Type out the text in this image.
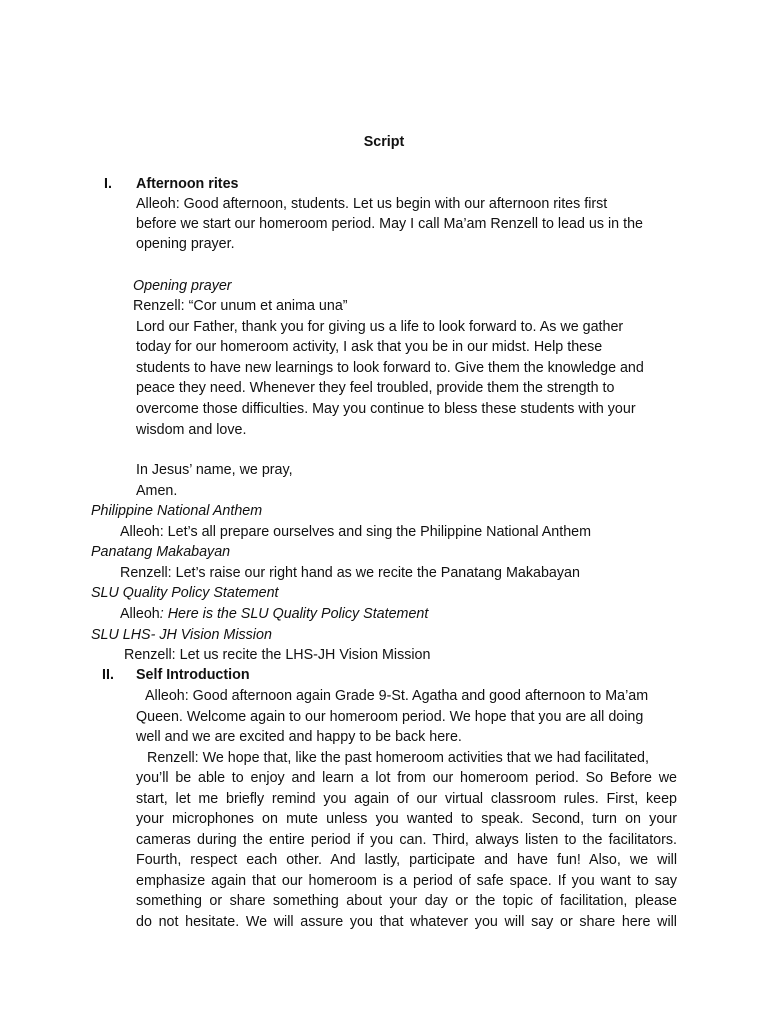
Script
I. Afternoon rites
Alleoh: Good afternoon, students. Let us begin with our afternoon rites first
before we start our homeroom period. May I call Ma’am Renzell to lead us in the
opening prayer.
Opening prayer
Renzell: “Cor unum et anima una”
Lord our Father, thank you for giving us a life to look forward to. As we gather
today for our homeroom activity, I ask that you be in our midst. Help these
students to have new learnings to look forward to. Give them the knowledge and
peace they need. Whenever they feel troubled, provide them the strength to
overcome those difficulties. May you continue to bless these students with your
wisdom and love.
In Jesus’ name, we pray,
Amen.
Philippine National Anthem
Alleoh: Let’s all prepare ourselves and sing the Philippine National Anthem
Panatang Makabayan
Renzell: Let’s raise our right hand as we recite the Panatang Makabayan
SLU Quality Policy Statement
Alleoh: Here is the SLU Quality Policy Statement
SLU LHS- JH Vision Mission
Renzell: Let us recite the LHS-JH Vision Mission
II. Self Introduction
Alleoh: Good afternoon again Grade 9-St. Agatha and good afternoon to Ma’am
Queen. Welcome again to our homeroom period. We hope that you are all doing
well and we are excited and happy to be back here.
Renzell: We hope that, like the past homeroom activities that we had facilitated,
you’ll be able to enjoy and learn a lot from our homeroom period. So Before we
start, let me briefly remind you again of our virtual classroom rules. First, keep
your microphones on mute unless you wanted to speak. Second, turn on your
cameras during the entire period if you can. Third, always listen to the facilitators.
Fourth, respect each other. And lastly, participate and have fun! Also, we will
emphasize again that our homeroom is a period of safe space. If you want to say
something or share something about your day or the topic of facilitation, please
do not hesitate. We will assure you that whatever you will say or share here will
